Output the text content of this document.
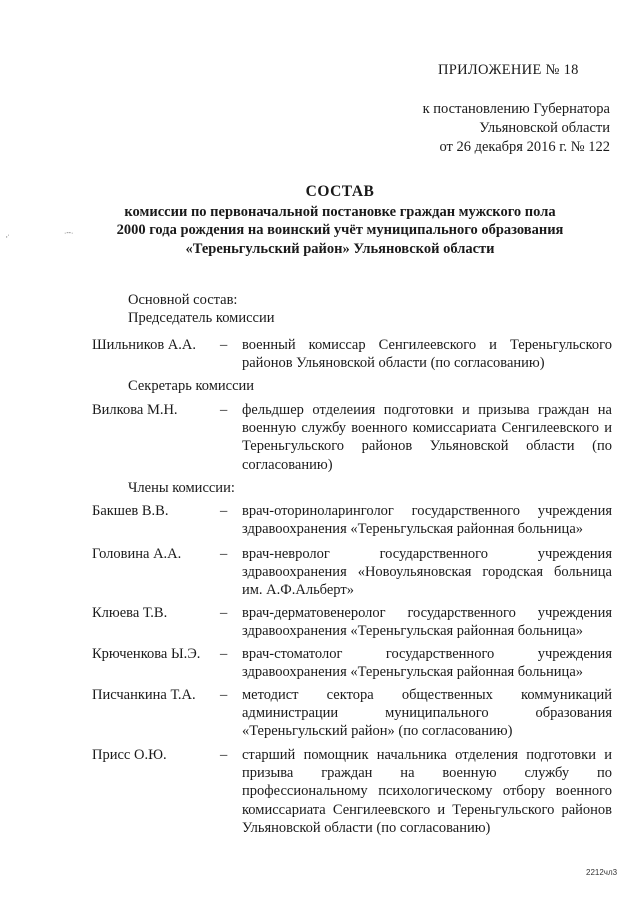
ПРИЛОЖЕНИЕ № 18
к постановлению Губернатора
Ульяновской области
от 26 декабря 2016 г. № 122
СОСТАВ
комиссии по первоначальной постановке граждан мужского пола
2000 года рождения на воинский учёт муниципального образования
«Тереньгульский район» Ульяновской области
Основной состав:
Председатель комиссии
Шильников А.А. – военный комиссар Сенгилеевского и Тереньгульского районов Ульяновской области (по согласованию)
Секретарь комиссии
Вилкова М.Н.	– фельдшер отделеиия подготовки и призыва граждан на военную службу военного комиссариата Сенгилеевского и Тереньгульского районов Ульяновской области (по согласованию)
Члены комиссии:
Бакшев В.В.	– врач-оториноларинголог государственного учреждения здравоохранения «Тереньгульская районная больница»
Головина А.А.	– врач-невролог государственного учреждения здравоохранения «Новоульяновская городская больница им. А.Ф.Альберт»
Клюева Т.В.	– врач-дерматовенеролог государственного учреждения здравоохранения «Тереньгульская районная больница»
Крюченкова Ы.Э. – врач-стоматолог государственного учреждения здравоохранения «Тереньгульская районная больница»
Писчанкина Т.А. – методист сектора общественных коммуникаций администрации муниципального образования «Тереньгульский район» (по согласованию)
Присс О.Ю.	– старший помощник начальника отделения подготовки и призыва граждан на военную службу по профессиональному психологическому отбору военного комиссариата Сенгилеевского и Тереньгульского районов Ульяновской области (по согласованию)
2212чл3
‚·	·‑‑·
